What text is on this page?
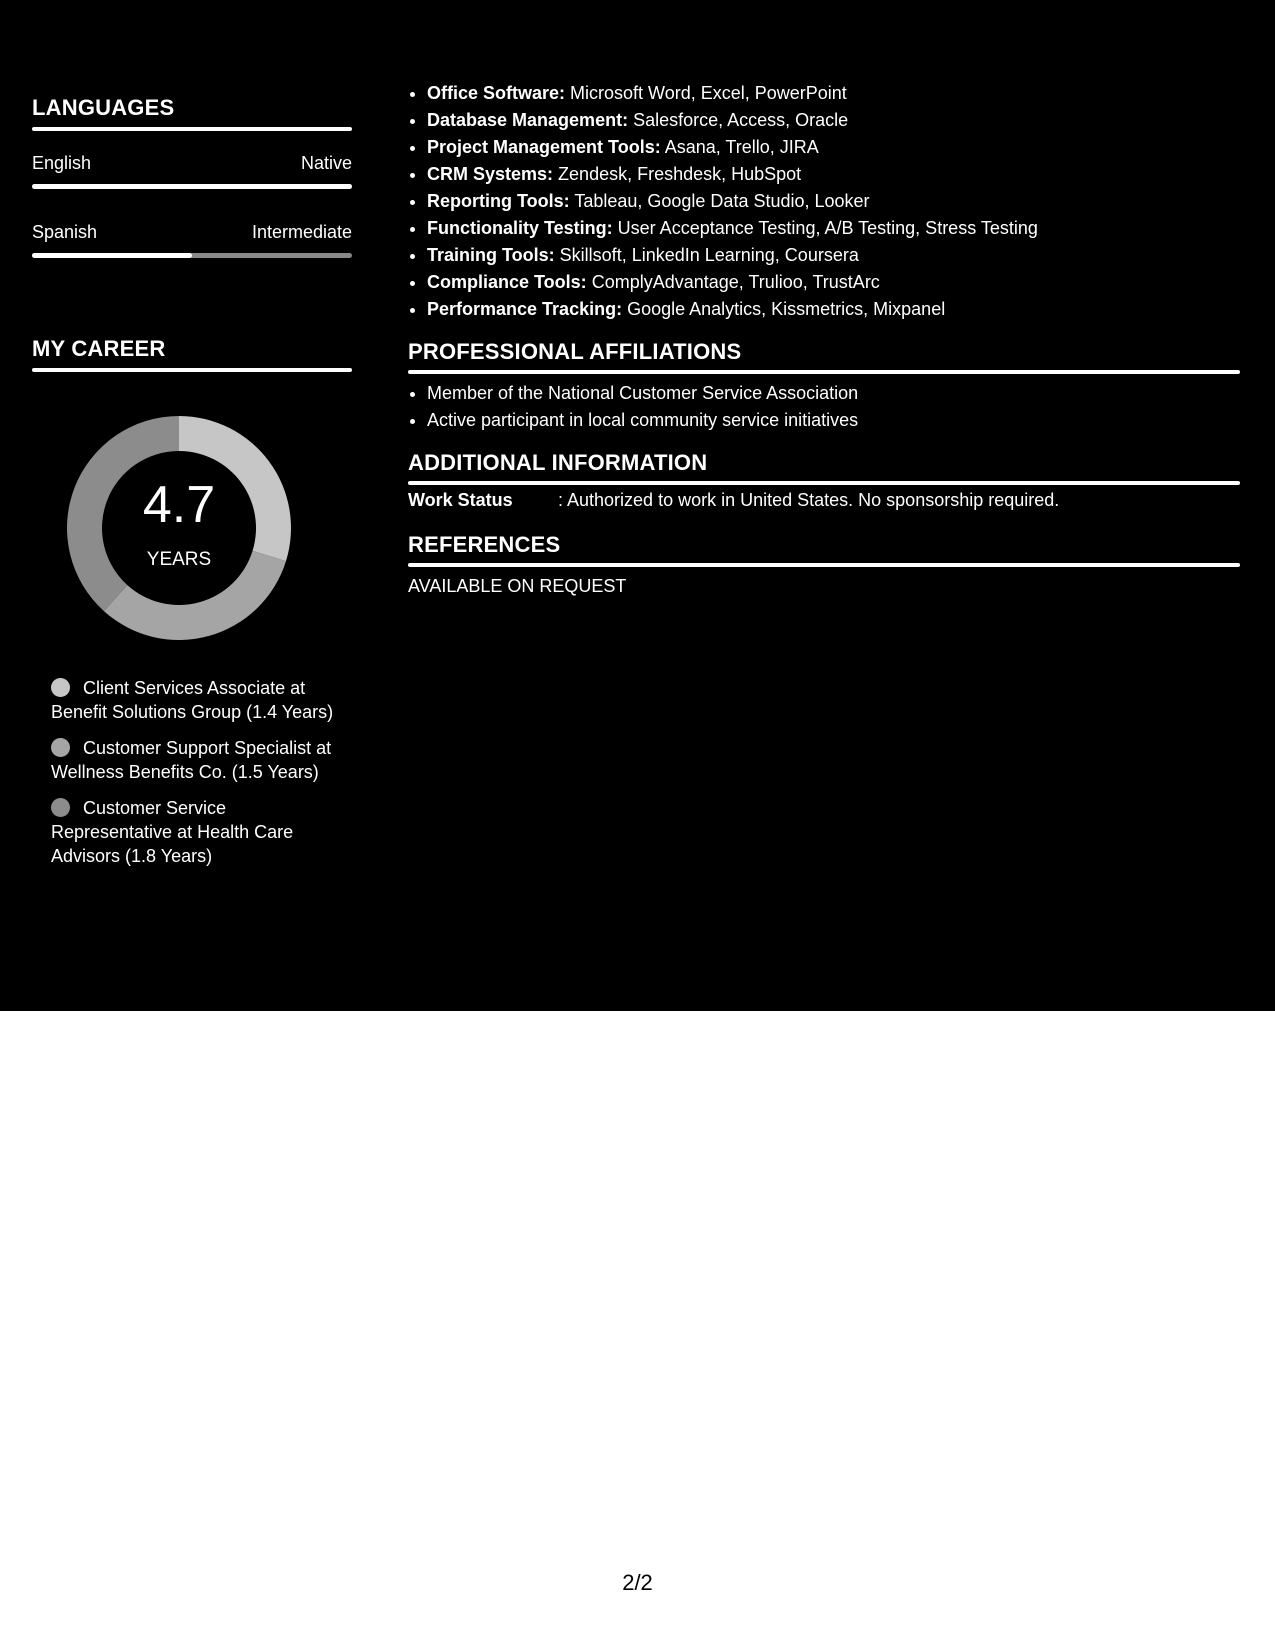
LANGUAGES
English	Native
Spanish	Intermediate
MY CAREER
4.7
YEARS
Client Services Associate at Benefit Solutions Group (1.4 Years)
Customer Support Specialist at Wellness Benefits Co. (1.5 Years)
Customer Service Representative at Health Care Advisors (1.8 Years)
• Office Software: Microsoft Word, Excel, PowerPoint
• Database Management: Salesforce, Access, Oracle
• Project Management Tools: Asana, Trello, JIRA
• CRM Systems: Zendesk, Freshdesk, HubSpot
• Reporting Tools: Tableau, Google Data Studio, Looker
• Functionality Testing: User Acceptance Testing, A/B Testing, Stress Testing
• Training Tools: Skillsoft, LinkedIn Learning, Coursera
• Compliance Tools: ComplyAdvantage, Trulioo, TrustArc
• Performance Tracking: Google Analytics, Kissmetrics, Mixpanel
PROFESSIONAL AFFILIATIONS
• Member of the National Customer Service Association
• Active participant in local community service initiatives
ADDITIONAL INFORMATION
Work Status	: Authorized to work in United States. No sponsorship required.
REFERENCES
AVAILABLE ON REQUEST
2/2
